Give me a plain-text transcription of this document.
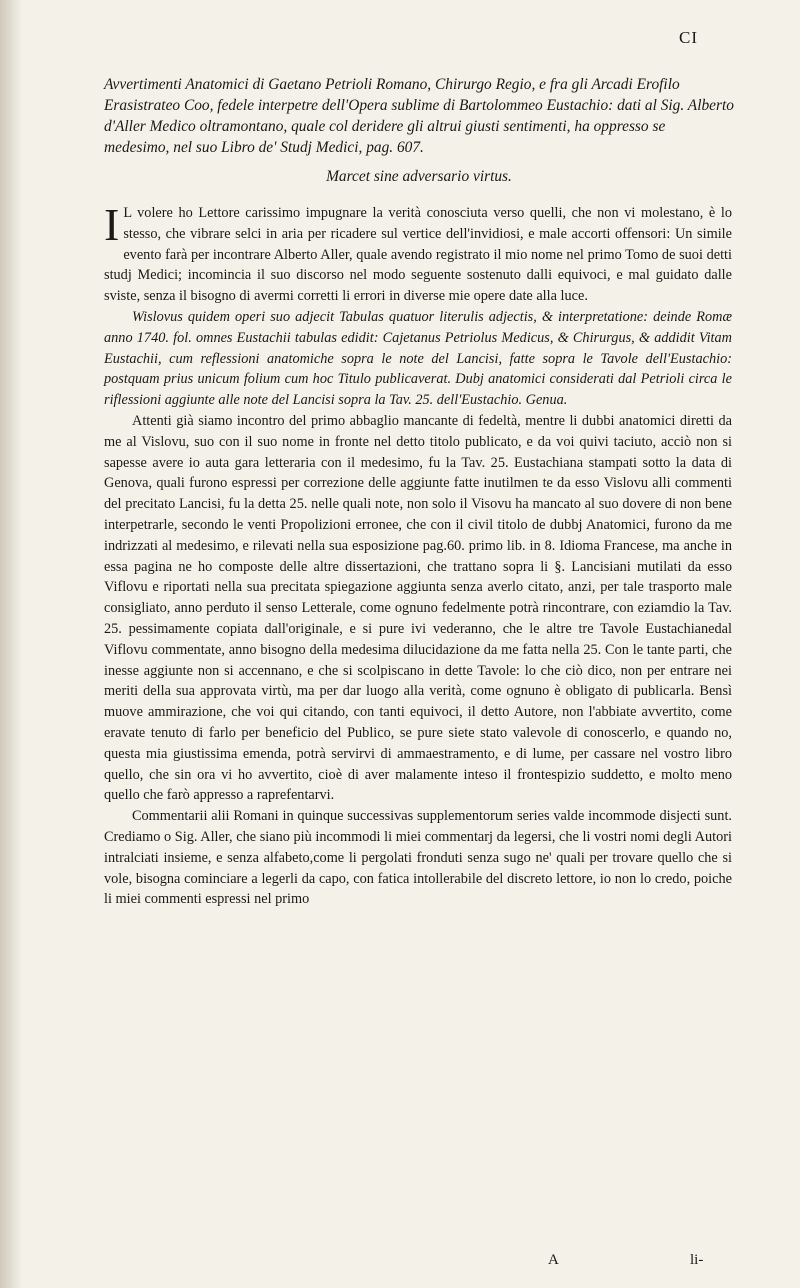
CI

Avvertimenti Anatomici di Gaetano Petrioli Romano, Chirurgo Regio, e fra gli Arcadi Erofilo Erasistrateo Coo, fedele interpetre dell'Opera sublime di Bartolommeo Eustachio: dati al Sig. Alberto d'Aller Medico oltramontano, quale col deridere gli altrui giusti sentimenti, ha oppresso se medesimo, nel suo Libro de' Studj Medici, pag. 607.

Marcet sine adversario virtus.

I L volere ho Lettore carissimo impugnare la verità conosciuta verso quelli, che non vi molestano, è lo stesso, che vibrare selci in aria per ricadere sul vertice dell'invidiosi, e male accorti offensori: Un simile evento farà per incontrare Alberto Aller, quale avendo registrato il mio nome nel primo Tomo de suoi detti studj Medici; incomincia il suo discorso nel modo seguente sostenuto dalli equivoci, e mal guidato dalle sviste, senza il bisogno di avermi corretti li errori in diverse mie opere date alla luce.

Wislovus quidem operi suo adjecit Tabulas quatuor literulis adjectis, & interpretatione: deinde Romæ anno 1740. fol. omnes Eustachii tabulas edidit: Cajetanus Petriolus Medicus, & Chirurgus, & addidit Vitam Eustachii, cum reflessioni anatomiche sopra le note del Lancisi, fatte sopra le Tavole dell'Eustachio: postquam prius unicum folium cum hoc Titulo publicaverat. Dubj anatomici considerati dal Petrioli circa le riflessioni aggiunte alle note del Lancisi sopra la Tav. 25. dell'Eustachio. Genua.

Attenti già siamo incontro del primo abbaglio mancante di fedeltà, mentre li dubbi anatomici diretti da me al Vislovu, suo con il suo nome in fronte nel detto titolo publicato, e da voi quivi taciuto, acciò non si sapesse avere io auta gara letteraria con il medesimo, fu la Tav. 25. Eustachiana stampati sotto la data di Genova, quali furono espressi per correzione delle aggiunte fatte inutilmen te da esso Vislovu alli commenti del precitato Lancisi, fu la detta 25. nelle quali note, non solo il Visovu ha mancato al suo dovere di non bene interpetrarle, secondo le venti Propolizioni erronee, che con il civil titolo de dubbj Anatomici, furono da me indrizzati al medesimo, e rilevati nella sua esposizione pag.60. primo lib. in 8. Idioma Francese, ma anche in essa pagina ne ho composte delle altre dissertazioni, che trattano sopra li §. Lancisiani mutilati da esso Viflovu e riportati nella sua precitata spiegazione aggiunta senza averlo citato, anzi, per tale trasporto male consigliato, anno perduto il senso Letterale, come ognuno fedelmente potrà rincontrare, con eziamdio la Tav. 25. pessimamente copiata dall'originale, e si pure ivi vederanno, che le altre tre Tavole Eustachianedal Viflovu commentate, anno bisogno della medesima dilucidazione da me fatta nella 25. Con le tante parti, che inesse aggiunte non si accennano, e che si scolpiscano in dette Tavole: lo che ciò dico, non per entrare nei meriti della sua approvata virtù, ma per dar luogo alla verità, come ognuno è obligato di publicarla. Bensì muove ammirazione, che voi qui citando, con tanti equivoci, il detto Autore, non l'abbiate avvertito, come eravate tenuto di farlo per beneficio del Publico, se pure siete stato valevole di conoscerlo, e quando no, questa mia giustissima emenda, potrà servirvi di ammaestramento, e di lume, per cassare nel vostro libro quello, che sin ora vi ho avvertito, cioè di aver malamente inteso il frontespizio suddetto, e molto meno quello che farò appresso a raprefentarvi.

Commentarii alii Romani in quinque successivas supplementorum series valde incommode disjecti sunt. Crediamo o Sig. Aller, che siano più incommodi li miei commentarj da legersi, che li vostri nomi degli Autori intralciati insieme, e senza alfabeto,come li pergolati fronduti senza sugo ne' quali per trovare quello che si vole, bisogna cominciare a legerli da capo, con fatica intollerabile del discreto lettore, io non lo credo, poiche li miei commenti espressi nel primo

A	li-
